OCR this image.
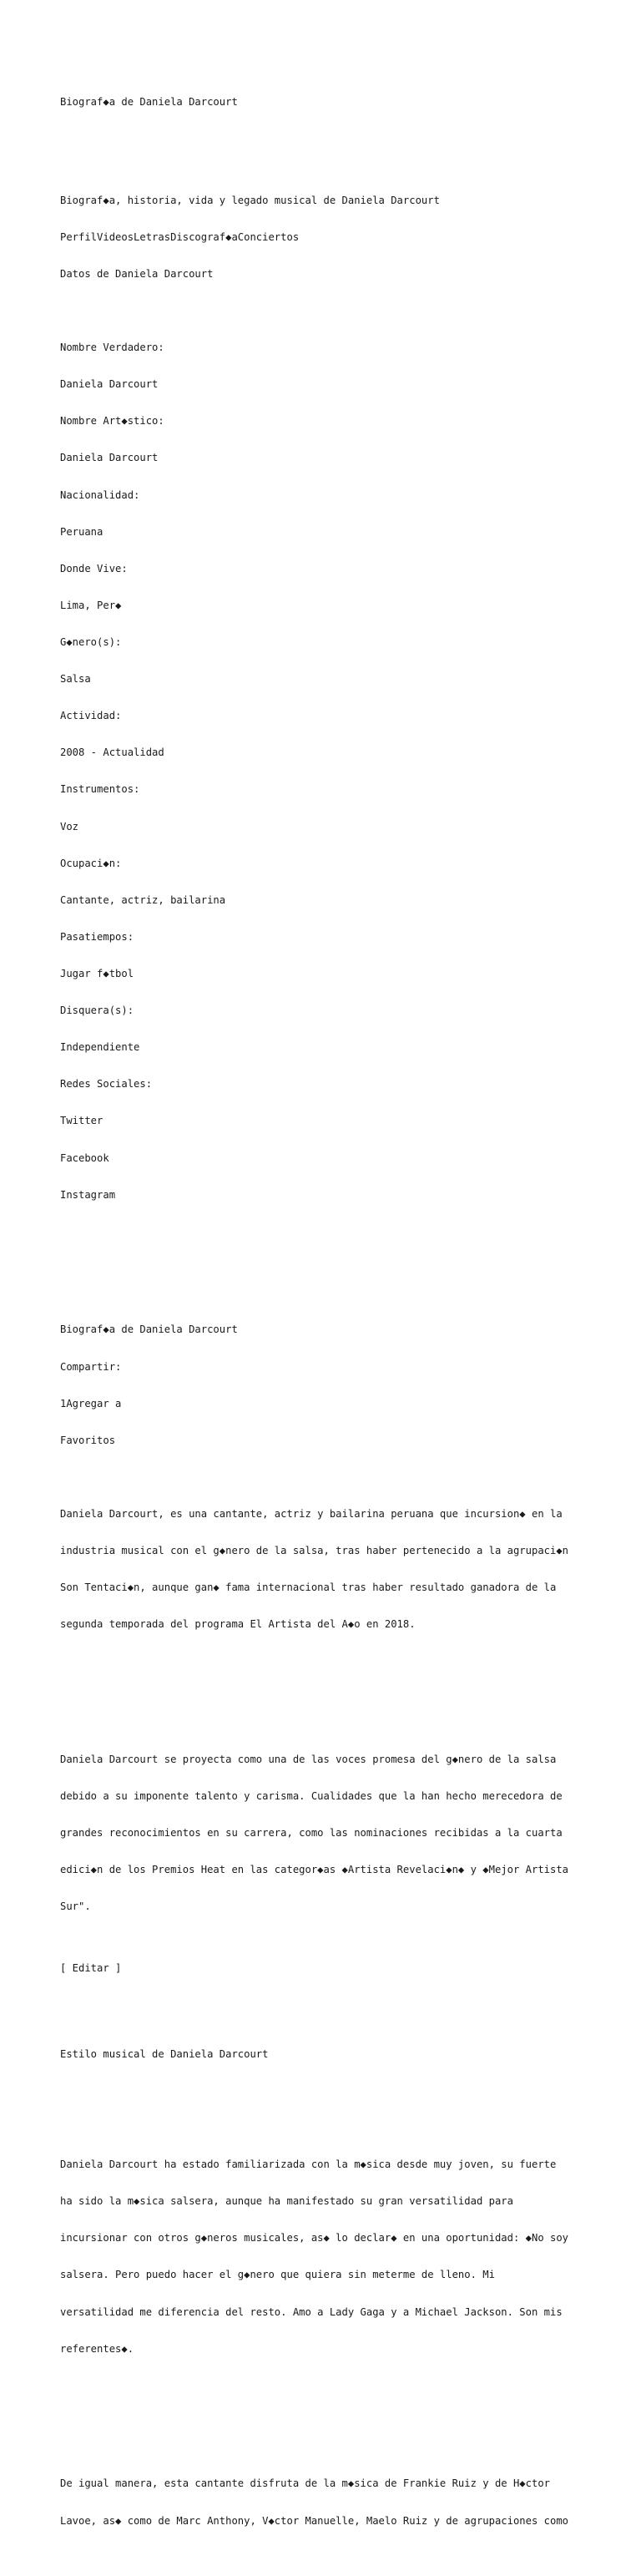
Biograf◆a de Daniela Darcourt

Biograf◆a, historia, vida y legado musical de Daniela Darcourt

PerfilVideosLetrasDiscograf◆aConciertos

Datos de Daniela Darcourt

Nombre Verdadero:

Daniela Darcourt

Nombre Art◆stico:

Daniela Darcourt

Nacionalidad:

Peruana

Donde Vive:

Lima, Per◆

G◆nero(s):

Salsa

Actividad:

2008 - Actualidad

Instrumentos:

Voz

Ocupaci◆n:

Cantante, actriz, bailarina

Pasatiempos:

Jugar f◆tbol

Disquera(s):

Independiente

Redes Sociales:

Twitter

Facebook

Instagram

Biograf◆a de Daniela Darcourt

Compartir:

1Agregar a

Favoritos

Daniela Darcourt, es una cantante, actriz y bailarina peruana que incursion◆ en la

industria musical con el g◆nero de la salsa, tras haber pertenecido a la agrupaci◆n

Son Tentaci◆n, aunque gan◆ fama internacional tras haber resultado ganadora de la

segunda temporada del programa El Artista del A◆o en 2018.

Daniela Darcourt se proyecta como una de las voces promesa del g◆nero de la salsa

debido a su imponente talento y carisma. Cualidades que la han hecho merecedora de

grandes reconocimientos en su carrera, como las nominaciones recibidas a la cuarta

edici◆n de los Premios Heat en las categor◆as ◆Artista Revelaci◆n◆ y ◆Mejor Artista

Sur".

[ Editar ]

Estilo musical de Daniela Darcourt

Daniela Darcourt ha estado familiarizada con la m◆sica desde muy joven, su fuerte

ha sido la m◆sica salsera, aunque ha manifestado su gran versatilidad para

incursionar con otros g◆neros musicales, as◆ lo declar◆ en una oportunidad: ◆No soy

salsera. Pero puedo hacer el g◆nero que quiera sin meterme de lleno. Mi

versatilidad me diferencia del resto. Amo a Lady Gaga y a Michael Jackson. Son mis

referentes◆.

De igual manera, esta cantante disfruta de la m◆sica de Frankie Ruiz y de H◆ctor

Lavoe, as◆ como de Marc Anthony, V◆ctor Manuelle, Maelo Ruiz y de agrupaciones como
